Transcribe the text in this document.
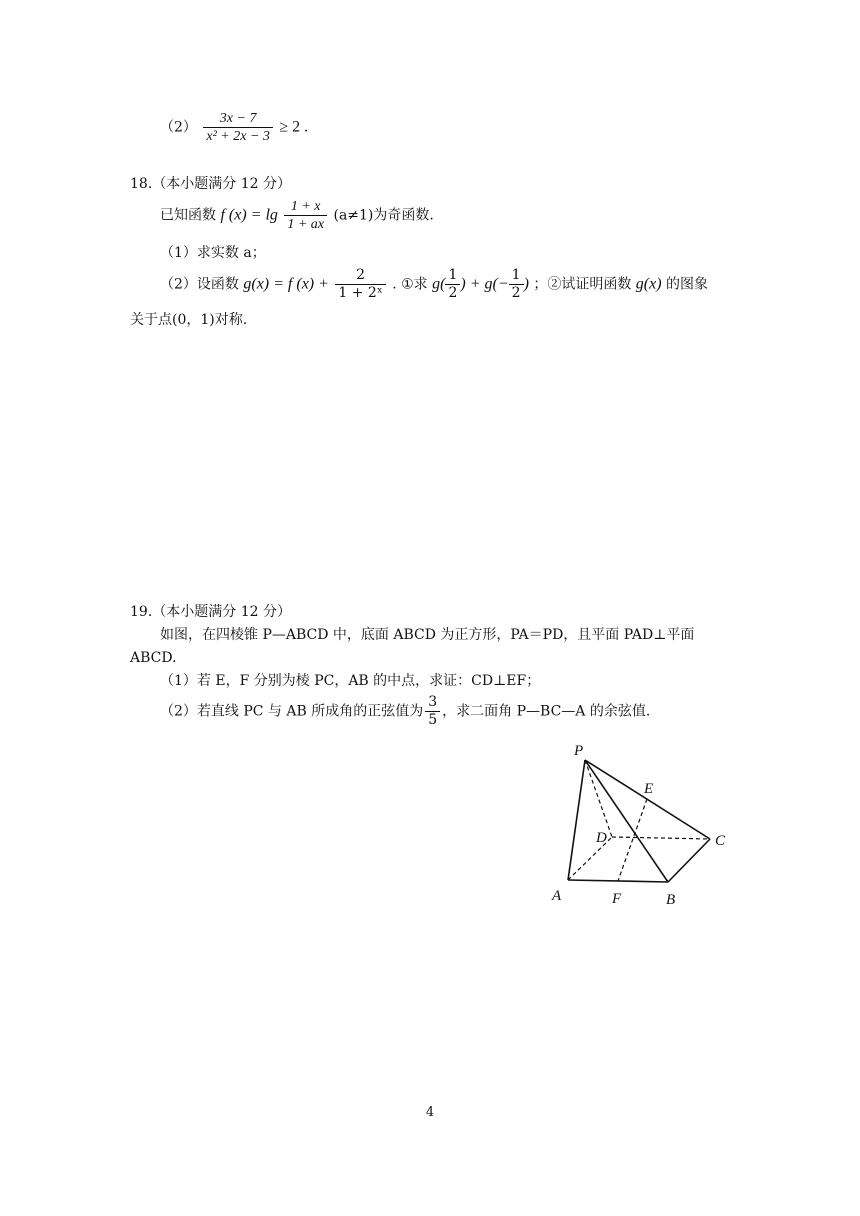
$(2) \frac{3x - 7}{\text{x² + 2x − 3}} \ge 2$ .
18.（本小题满分 12 分）
已知函数 f $(x) = \lg \frac{1 + x}{1 + ax} (a\ne 1)$为奇函数.
（1）求实数 a；
（2）设函数 g(x) = f $(x) + \frac{2}{\text{1 + 2ˣ}}$ . ①求 $g( \frac{1}{2}$ ) + $g(- \frac{1}{2}$ ) ；②试证明函数 g(x) 的图象
关于点(0，1)对称.
19.（本小题满分 12 分）
如图，在四棱锥 P—ABCD 中，底面 ABCD 为正方形，PA＝PD，且平面 PAD⊥平面
ABCD.
（1）若 E，F 分别为棱 PC，AB 的中点，求证：CD⊥EF；
（2）若直线 PC 与 AB 所成角的正弦值为 $\frac{3}{5}$ ，求二面角 P—BC—A 的余弦值.
P
E
D	C
A	F	B
4
